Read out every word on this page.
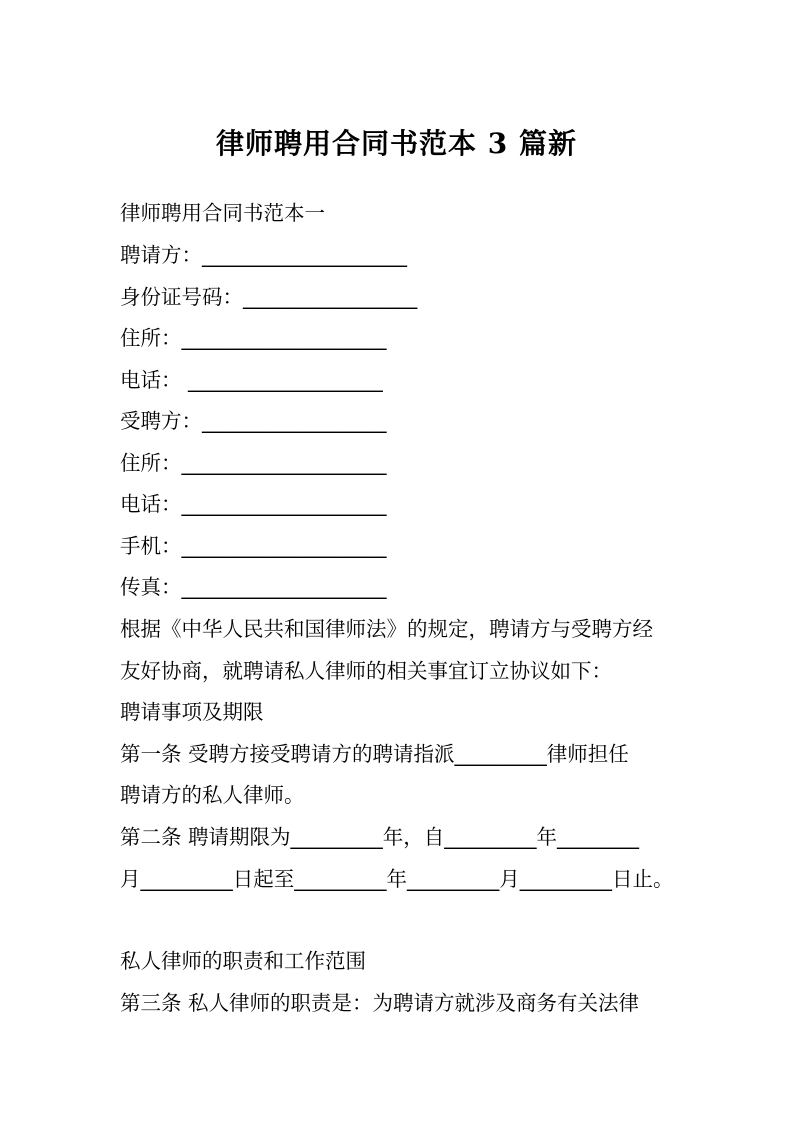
律师聘用合同书范本 3 篇新
律师聘用合同书范本一
聘请方：____________________
身份证号码：_________________
住所：____________________
电话： ___________________
受聘方：__________________
住所：____________________
电话：____________________
手机：____________________
传真：____________________
根据《中华人民共和国律师法》的规定，聘请方与受聘方经
友好协商，就聘请私人律师的相关事宜订立协议如下：
聘请事项及期限
第一条 受聘方接受聘请方的聘请指派_________律师担任
聘请方的私人律师。
第二条 聘请期限为_________年，自_________年________
月_________日起至_________年_________月_________日止。
私人律师的职责和工作范围
第三条 私人律师的职责是：为聘请方就涉及商务有关法律
